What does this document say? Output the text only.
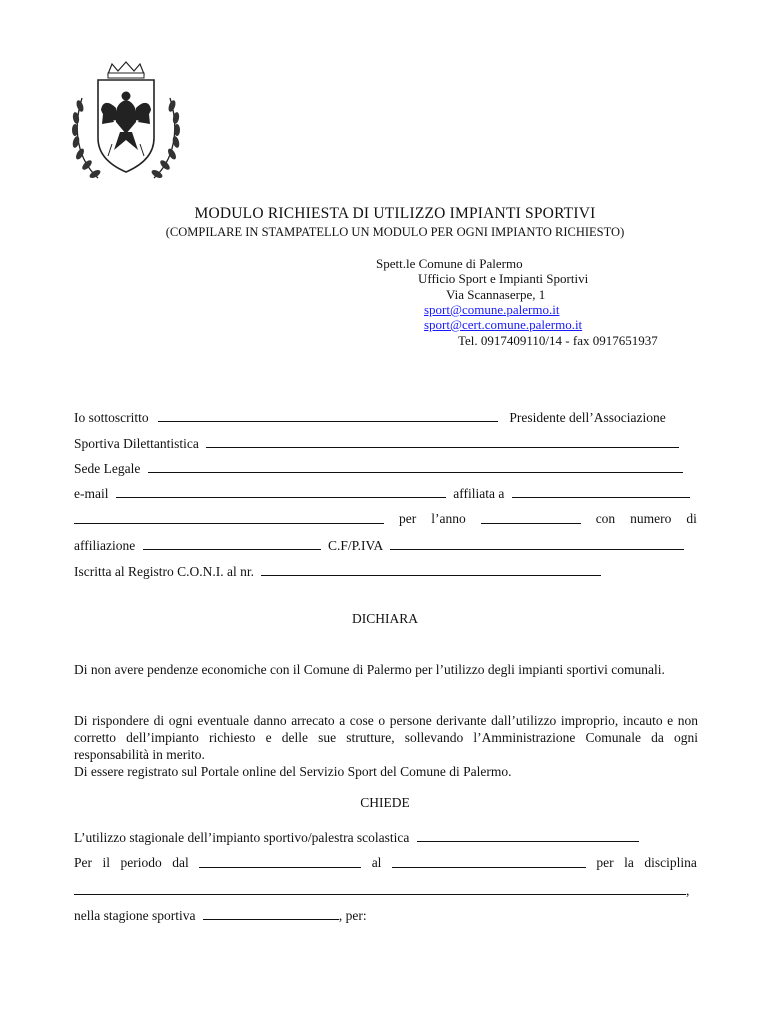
MODULO RICHIESTA DI UTILIZZO IMPIANTI SPORTIVI
(COMPILARE IN STAMPATELLO UN MODULO PER OGNI IMPIANTO RICHIESTO)
Spett.le Comune di Palermo
Ufficio Sport e Impianti Sportivi
Via Scannaserpe, 1
sport@comune.palermo.it
sport@cert.comune.palermo.it
Tel. 0917409110/14 - fax 0917651937
Io sottoscritto	Presidente dell’Associazione
Sportiva Dilettantistica
Sede Legale
e-mail	affiliata a
per l’anno	con numero di
affiliazione	C.F/P.IVA
Iscritta al Registro C.O.N.I. al nr.
DICHIARA
Di non avere pendenze economiche con il Comune di Palermo per l’utilizzo degli impianti sportivi comunali.
Di rispondere di ogni eventuale danno arrecato a cose o persone derivante dall’utilizzo improprio, incauto e non corretto dell’impianto richiesto e delle sue strutture, sollevando l’Amministrazione Comunale da ogni responsabilità in merito.
Di essere registrato sul Portale online del Servizio Sport del Comune di Palermo.
CHIEDE
L’utilizzo stagionale dell’impianto sportivo/palestra scolastica
Per il periodo dal	al	per la disciplina
,
nella stagione sportiva	, per:
